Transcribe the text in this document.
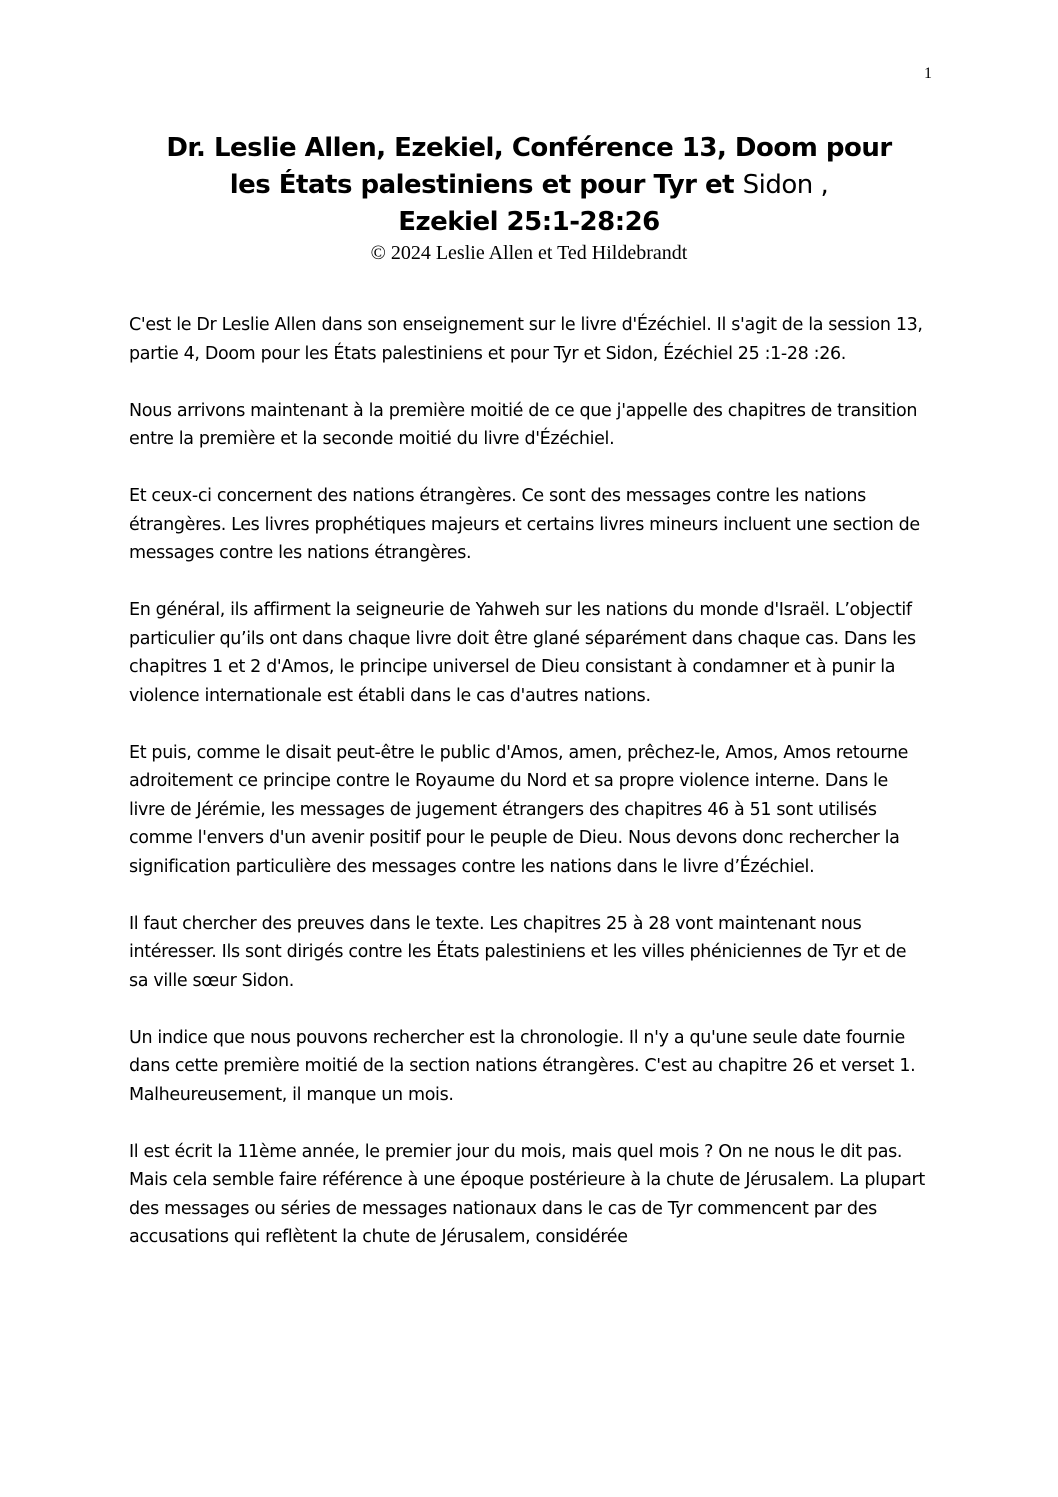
1
Dr. Leslie Allen, Ezekiel, Conférence 13, Doom pour
les États palestiniens et pour Tyr et Sidon ,
Ezekiel 25:1-28:26
© 2024 Leslie Allen et Ted Hildebrandt

C'est le Dr Leslie Allen dans son enseignement sur le livre d'Ézéchiel. Il s'agit de la session 13, partie 4, Doom pour les États palestiniens et pour Tyr et Sidon, Ézéchiel 25 :1-28 :26.

Nous arrivons maintenant à la première moitié de ce que j'appelle des chapitres de transition entre la première et la seconde moitié du livre d'Ézéchiel.

Et ceux-ci concernent des nations étrangères. Ce sont des messages contre les nations étrangères. Les livres prophétiques majeurs et certains livres mineurs incluent une section de messages contre les nations étrangères.

En général, ils affirment la seigneurie de Yahweh sur les nations du monde d'Israël. L’objectif particulier qu’ils ont dans chaque livre doit être glané séparément dans chaque cas. Dans les chapitres 1 et 2 d'Amos, le principe universel de Dieu consistant à condamner et à punir la violence internationale est établi dans le cas d'autres nations.

Et puis, comme le disait peut-être le public d'Amos, amen, prêchez-le, Amos, Amos retourne adroitement ce principe contre le Royaume du Nord et sa propre violence interne. Dans le livre de Jérémie, les messages de jugement étrangers des chapitres 46 à 51 sont utilisés comme l'envers d'un avenir positif pour le peuple de Dieu. Nous devons donc rechercher la signification particulière des messages contre les nations dans le livre d’Ézéchiel.

Il faut chercher des preuves dans le texte. Les chapitres 25 à 28 vont maintenant nous intéresser. Ils sont dirigés contre les États palestiniens et les villes phéniciennes de Tyr et de sa ville sœur Sidon.

Un indice que nous pouvons rechercher est la chronologie. Il n'y a qu'une seule date fournie dans cette première moitié de la section nations étrangères. C'est au chapitre 26 et verset 1. Malheureusement, il manque un mois.

Il est écrit la 11ème année, le premier jour du mois, mais quel mois ? On ne nous le dit pas. Mais cela semble faire référence à une époque postérieure à la chute de Jérusalem. La plupart des messages ou séries de messages nationaux dans le cas de Tyr commencent par des accusations qui reflètent la chute de Jérusalem, considérée
